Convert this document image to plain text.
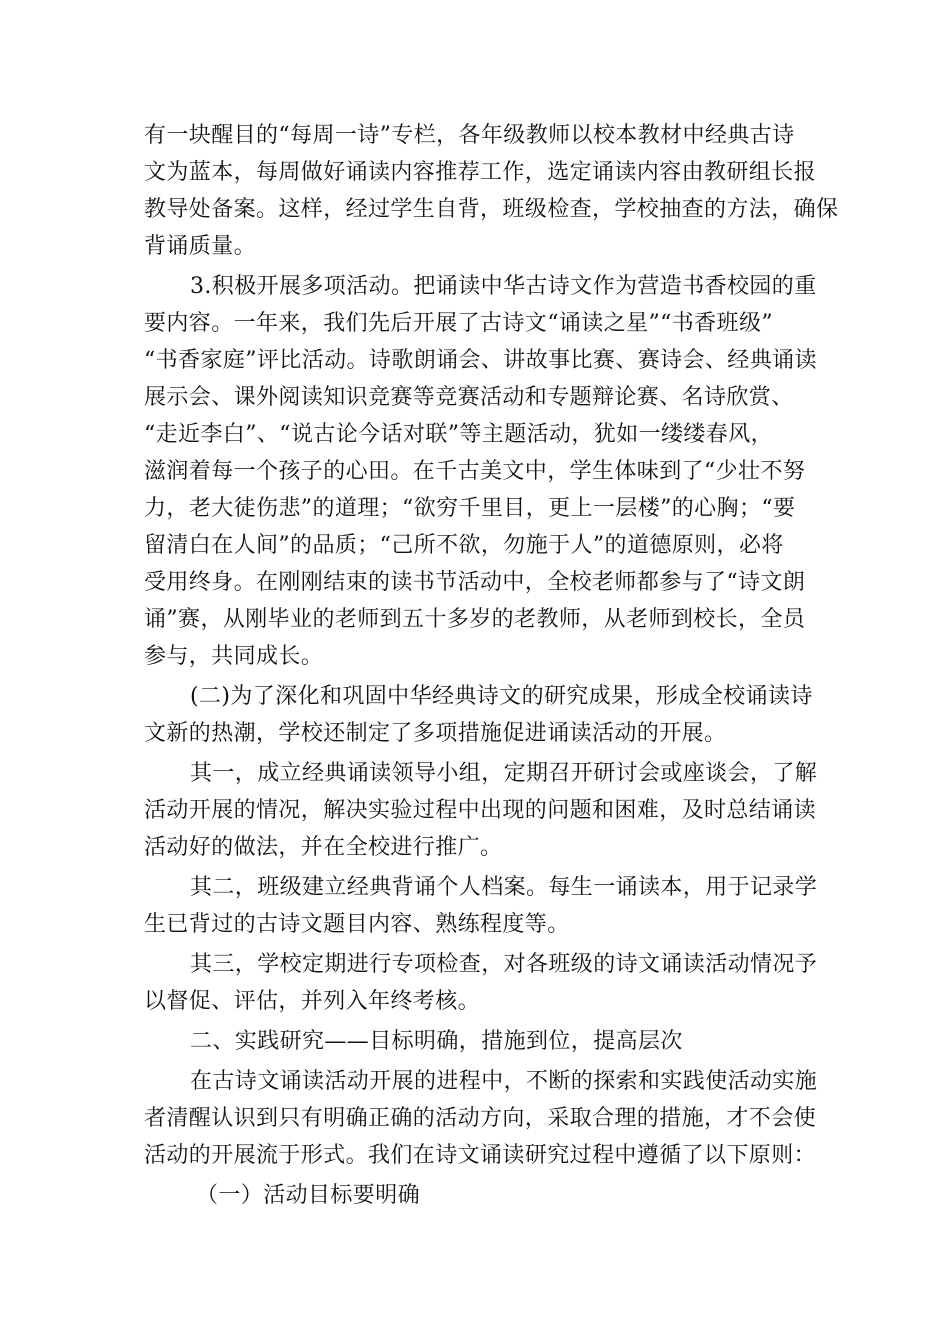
有一块醒目的“每周一诗”专栏，各年级教师以校本教材中经典古诗
文为蓝本，每周做好诵读内容推荐工作，选定诵读内容由教研组长报
教导处备案。这样，经过学生自背，班级检查，学校抽查的方法，确保
背诵质量。
3.积极开展多项活动。把诵读中华古诗文作为营造书香校园的重
要内容。一年来，我们先后开展了古诗文“诵读之星”“书香班级”
“书香家庭”评比活动。诗歌朗诵会、讲故事比赛、赛诗会、经典诵读
展示会、课外阅读知识竞赛等竞赛活动和专题辩论赛、名诗欣赏、
“走近李白”、“说古论今话对联”等主题活动，犹如一缕缕春风，
滋润着每一个孩子的心田。在千古美文中，学生体味到了“少壮不努
力，老大徒伤悲”的道理；“欲穷千里目，更上一层楼”的心胸；“要
留清白在人间”的品质；“己所不欲，勿施于人”的道德原则，必将
受用终身。在刚刚结束的读书节活动中，全校老师都参与了“诗文朗
诵”赛，从刚毕业的老师到五十多岁的老教师，从老师到校长，全员
参与，共同成长。
(二)为了深化和巩固中华经典诗文的研究成果，形成全校诵读诗
文新的热潮，学校还制定了多项措施促进诵读活动的开展。
其一，成立经典诵读领导小组，定期召开研讨会或座谈会，了解
活动开展的情况，解决实验过程中出现的问题和困难，及时总结诵读
活动好的做法，并在全校进行推广。
其二，班级建立经典背诵个人档案。每生一诵读本，用于记录学
生已背过的古诗文题目内容、熟练程度等。
其三，学校定期进行专项检查，对各班级的诗文诵读活动情况予
以督促、评估，并列入年终考核。
二、实践研究——目标明确，措施到位，提高层次
在古诗文诵读活动开展的进程中，不断的探索和实践使活动实施
者清醒认识到只有明确正确的活动方向，采取合理的措施，才不会使
活动的开展流于形式。我们在诗文诵读研究过程中遵循了以下原则：
（一）活动目标要明确
